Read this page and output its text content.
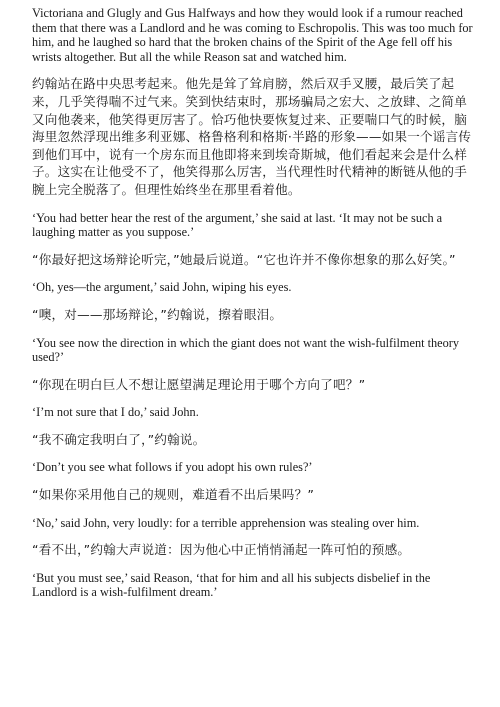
Victoriana and Glugly and Gus Halfways and how they would look if a rumour reached them that there was a Landlord and he was coming to Eschropolis. This was too much for him, and he laughed so hard that the broken chains of the Spirit of the Age fell off his wrists altogether. But all the while Reason sat and watched him.

约翰站在路中央思考起来。他先是耸了耸肩膀，然后双手叉腰，最后笑了起来，几乎笑得喘不过气来。笑到快结束时，那场骗局之宏大、之放肆、之简单又向他袭来，他笑得更厉害了。恰巧他快要恢复过来、正要喘口气的时候，脑海里忽然浮现出维多利亚娜、格鲁格利和格斯·半路的形象——如果一个谣言传到他们耳中，说有一个房东而且他即将来到埃奇斯城，他们看起来会是什么样子。这实在让他受不了，他笑得那么厉害，当代理性时代精神的断链从他的手腕上完全脱落了。但理性始终坐在那里看着他。

‘You had better hear the rest of the argument,’ she said at last. ‘It may not be such a laughing matter as you suppose.’

“你最好把这场辩论听完，”她最后说道。“它也许并不像你想象的那么好笑。”

‘Oh, yes—the argument,’ said John, wiping his eyes.

“噢，对——那场辩论，”约翰说，擦着眼泪。

‘You see now the direction in which the giant does not want the wish-fulfilment theory used?’

“你现在明白巨人不想让愿望满足理论用于哪个方向了吧？”

‘I’m not sure that I do,’ said John.

“我不确定我明白了，”约翰说。

‘Don’t you see what follows if you adopt his own rules?’

“如果你采用他自己的规则，难道看不出后果吗？”

‘No,’ said John, very loudly: for a terrible apprehension was stealing over him.

“看不出，”约翰大声说道：因为他心中正悄悄涌起一阵可怕的预感。

‘But you must see,’ said Reason, ‘that for him and all his subjects disbelief in the Landlord is a wish-fulfilment dream.’
